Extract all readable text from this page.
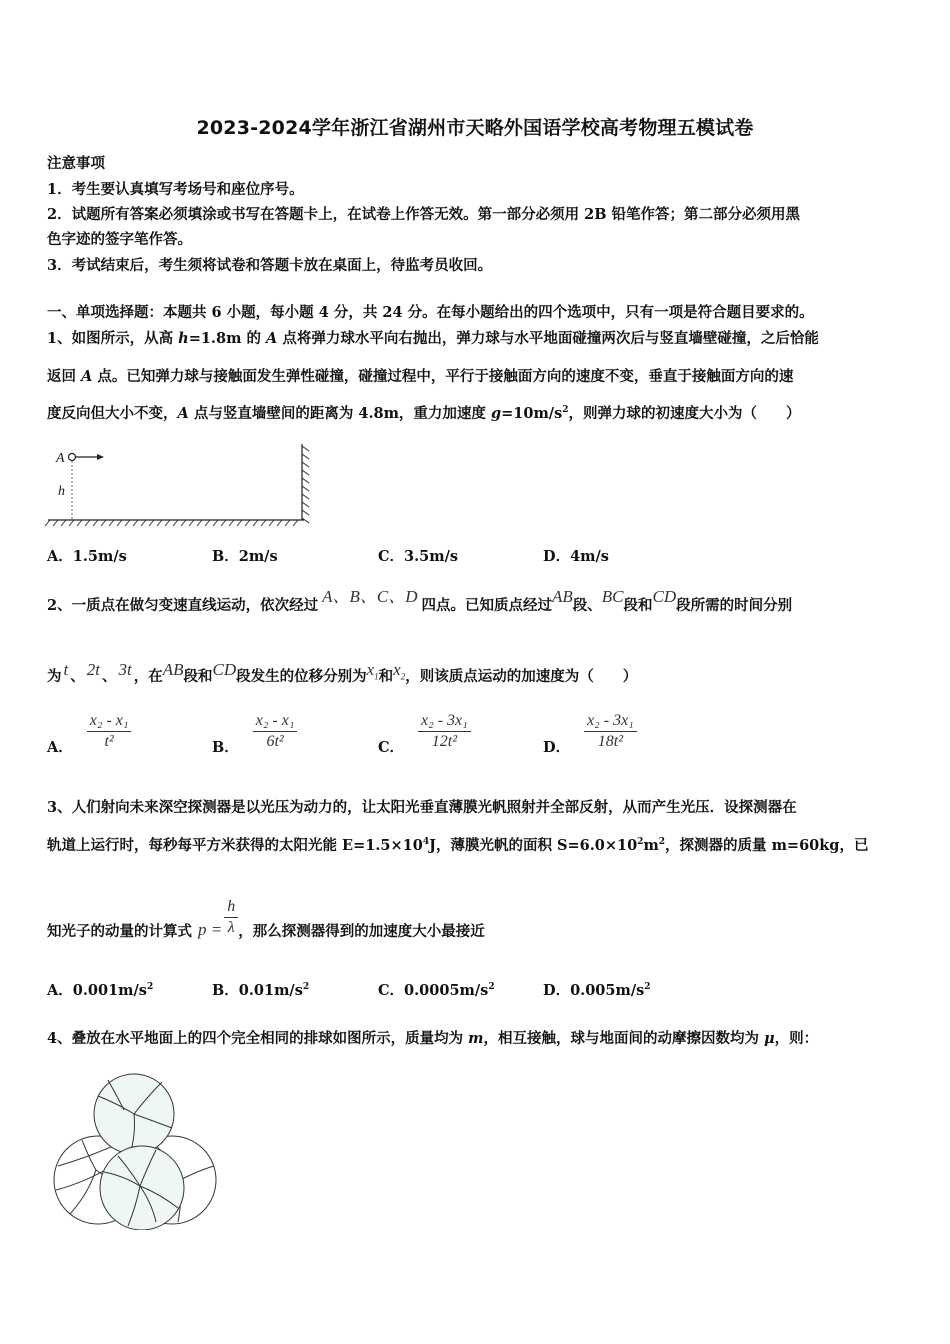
2023-2024学年浙江省湖州市天略外国语学校高考物理五模试卷
注意事项
1．考生要认真填写考场号和座位序号。
2．试题所有答案必须填涂或书写在答题卡上，在试卷上作答无效。第一部分必须用 2B 铅笔作答；第二部分必须用黑
色字迹的签字笔作答。
3．考试结束后，考生须将试卷和答题卡放在桌面上，待监考员收回。
一、单项选择题：本题共 6 小题，每小题 4 分，共 24 分。在每小题给出的四个选项中，只有一项是符合题目要求的。
1、如图所示，从高 h=1.8m 的 A 点将弹力球水平向右抛出，弹力球与水平地面碰撞两次后与竖直墙壁碰撞，之后恰能
返回 A 点。已知弹力球与接触面发生弹性碰撞，碰撞过程中，平行于接触面方向的速度不变，垂直于接触面方向的速
度反向但大小不变，A 点与竖直墙壁间的距离为 4.8m，重力加速度 $g=10m/s^2$，则弹力球的初速度大小为（　　）
A
h
A．1.5m/s	B．2m/s	C．3.5m/s	D．4m/s
2、一质点在做匀变速直线运动，依次经过 A、B、C、D 四点。已知质点经过AB段、BC段和CD段所需的时间分别
为 t 、 2t 、 3t ，在AB段和CD段发生的位移分别为$x_1$和$x_2$，则该质点运动的加速度为（　　）
A． $\frac{\text{x₂ - x₁}}{\text{t²}}$	B． $\frac{\text{x₂ - x₁}}{\text{6t²}}$	C． $\frac{\text{x₂ - 3x₁}}{\text{12t²}}$	D． $\frac{\text{x₂ - 3x₁}}{\text{18t²}}$
3、人们射向未来深空探测器是以光压为动力的，让太阳光垂直薄膜光帆照射并全部反射，从而产生光压．设探测器在
轨道上运行时，每秒每平方米获得的太阳光能 $E=1.5\times 10^4J$，薄膜光帆的面积 $S=6.0\times 10^2m^2$，探测器的质量 m=60kg，已
知光子的动量的计算式 $p = \frac{h}{\lambda}$ ，那么探测器得到的加速度大小最接近
A．$0.001m/s^2$	B．$0.01m/s^2$	C．$0.0005m/s^2$	D．$0.005m/s^2$
4、叠放在水平地面上的四个完全相同的排球如图所示，质量均为 m，相互接触，球与地面间的动摩擦因数均为 μ，则：
